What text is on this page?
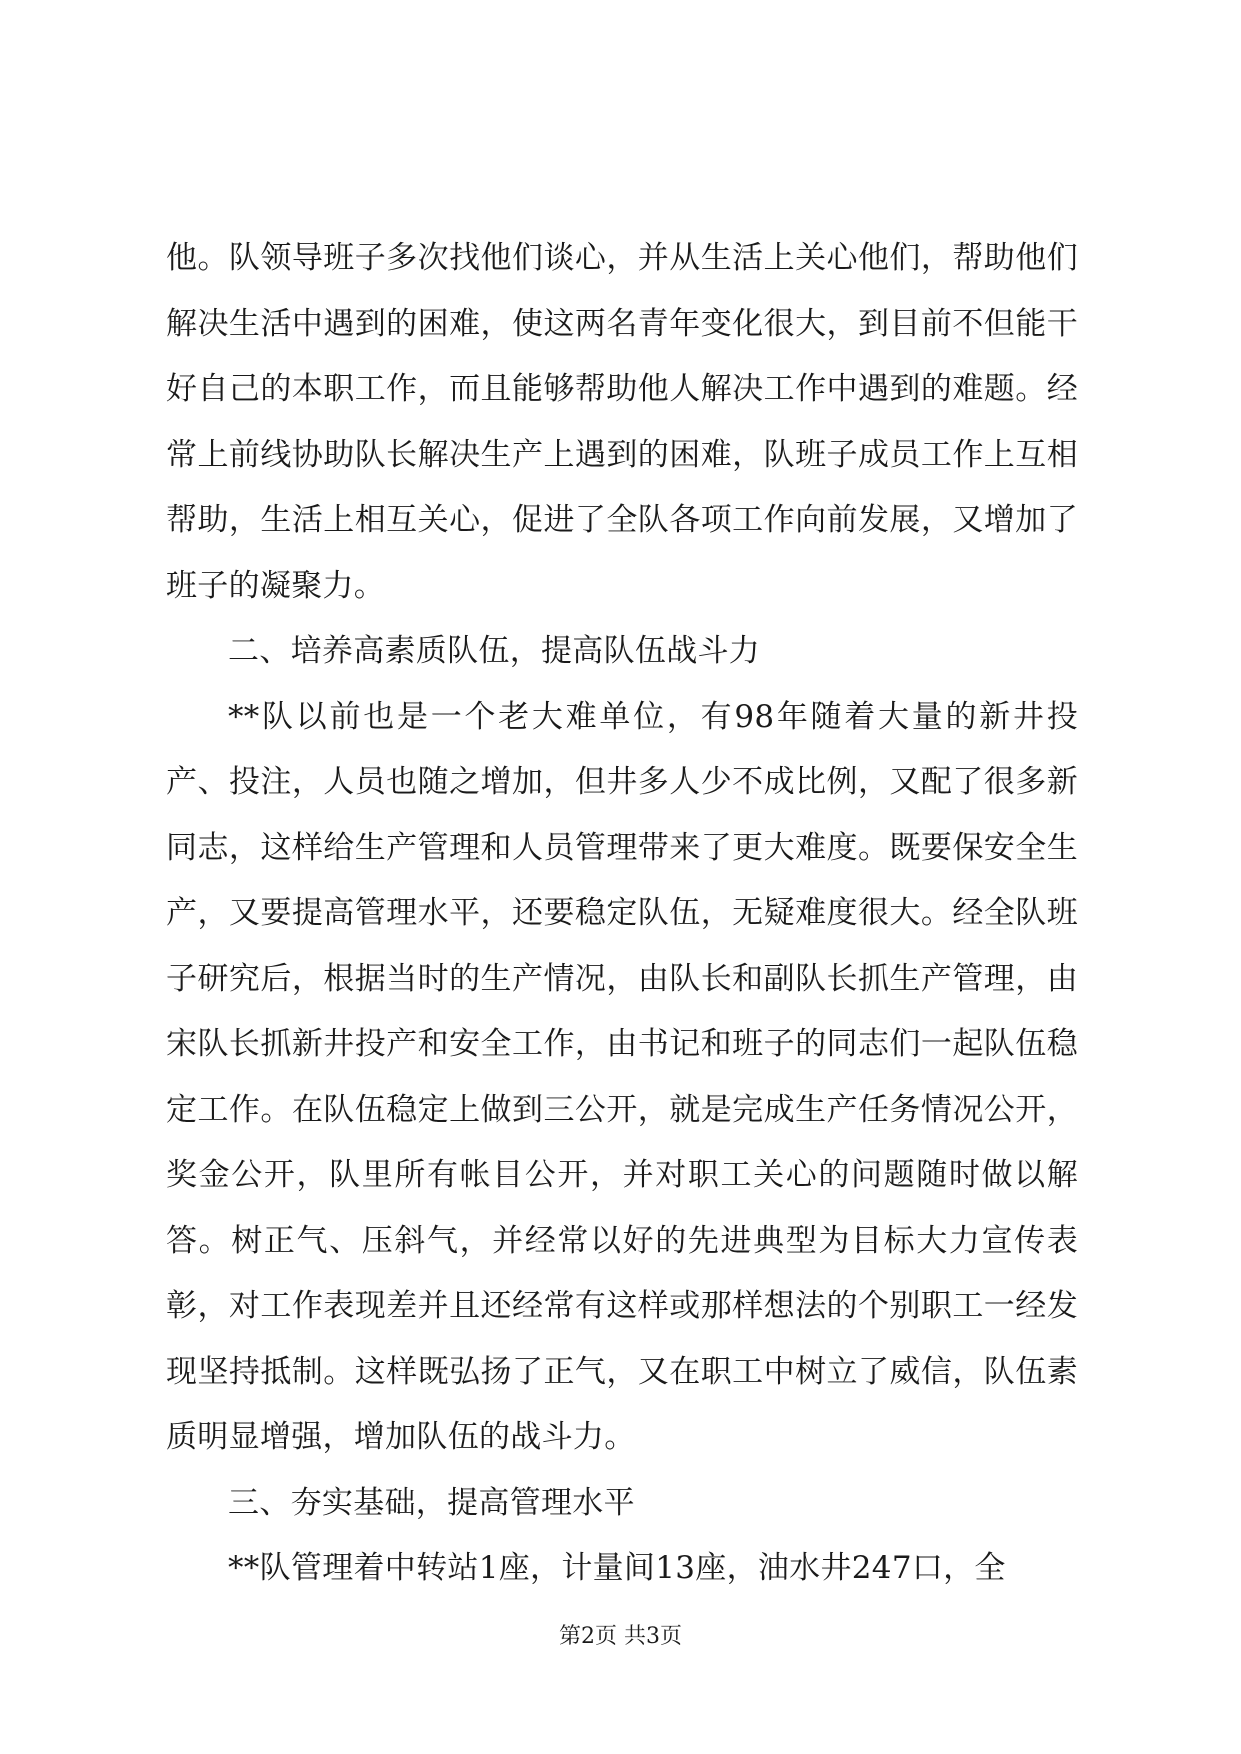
他。队领导班子多次找他们谈心，并从生活上关心他们，帮助他们解决生活中遇到的困难，使这两名青年变化很大，到目前不但能干好自己的本职工作，而且能够帮助他人解决工作中遇到的难题。经常上前线协助队长解决生产上遇到的困难，队班子成员工作上互相帮助，生活上相互关心，促进了全队各项工作向前发展，又增加了班子的凝聚力。

二、培养高素质队伍，提高队伍战斗力

**队以前也是一个老大难单位，有98年随着大量的新井投产、投注，人员也随之增加，但井多人少不成比例，又配了很多新同志，这样给生产管理和人员管理带来了更大难度。既要保安全生产，又要提高管理水平，还要稳定队伍，无疑难度很大。经全队班子研究后，根据当时的生产情况，由队长和副队长抓生产管理，由宋队长抓新井投产和安全工作，由书记和班子的同志们一起队伍稳定工作。在队伍稳定上做到三公开，就是完成生产任务情况公开，奖金公开，队里所有帐目公开，并对职工关心的问题随时做以解答。树正气、压斜气，并经常以好的先进典型为目标大力宣传表彰，对工作表现差并且还经常有这样或那样想法的个别职工一经发现坚持抵制。这样既弘扬了正气，又在职工中树立了威信，队伍素质明显增强，增加队伍的战斗力。

三、夯实基础，提高管理水平

**队管理着中转站1座，计量间13座，油水井247口，全

第2页 共3页
